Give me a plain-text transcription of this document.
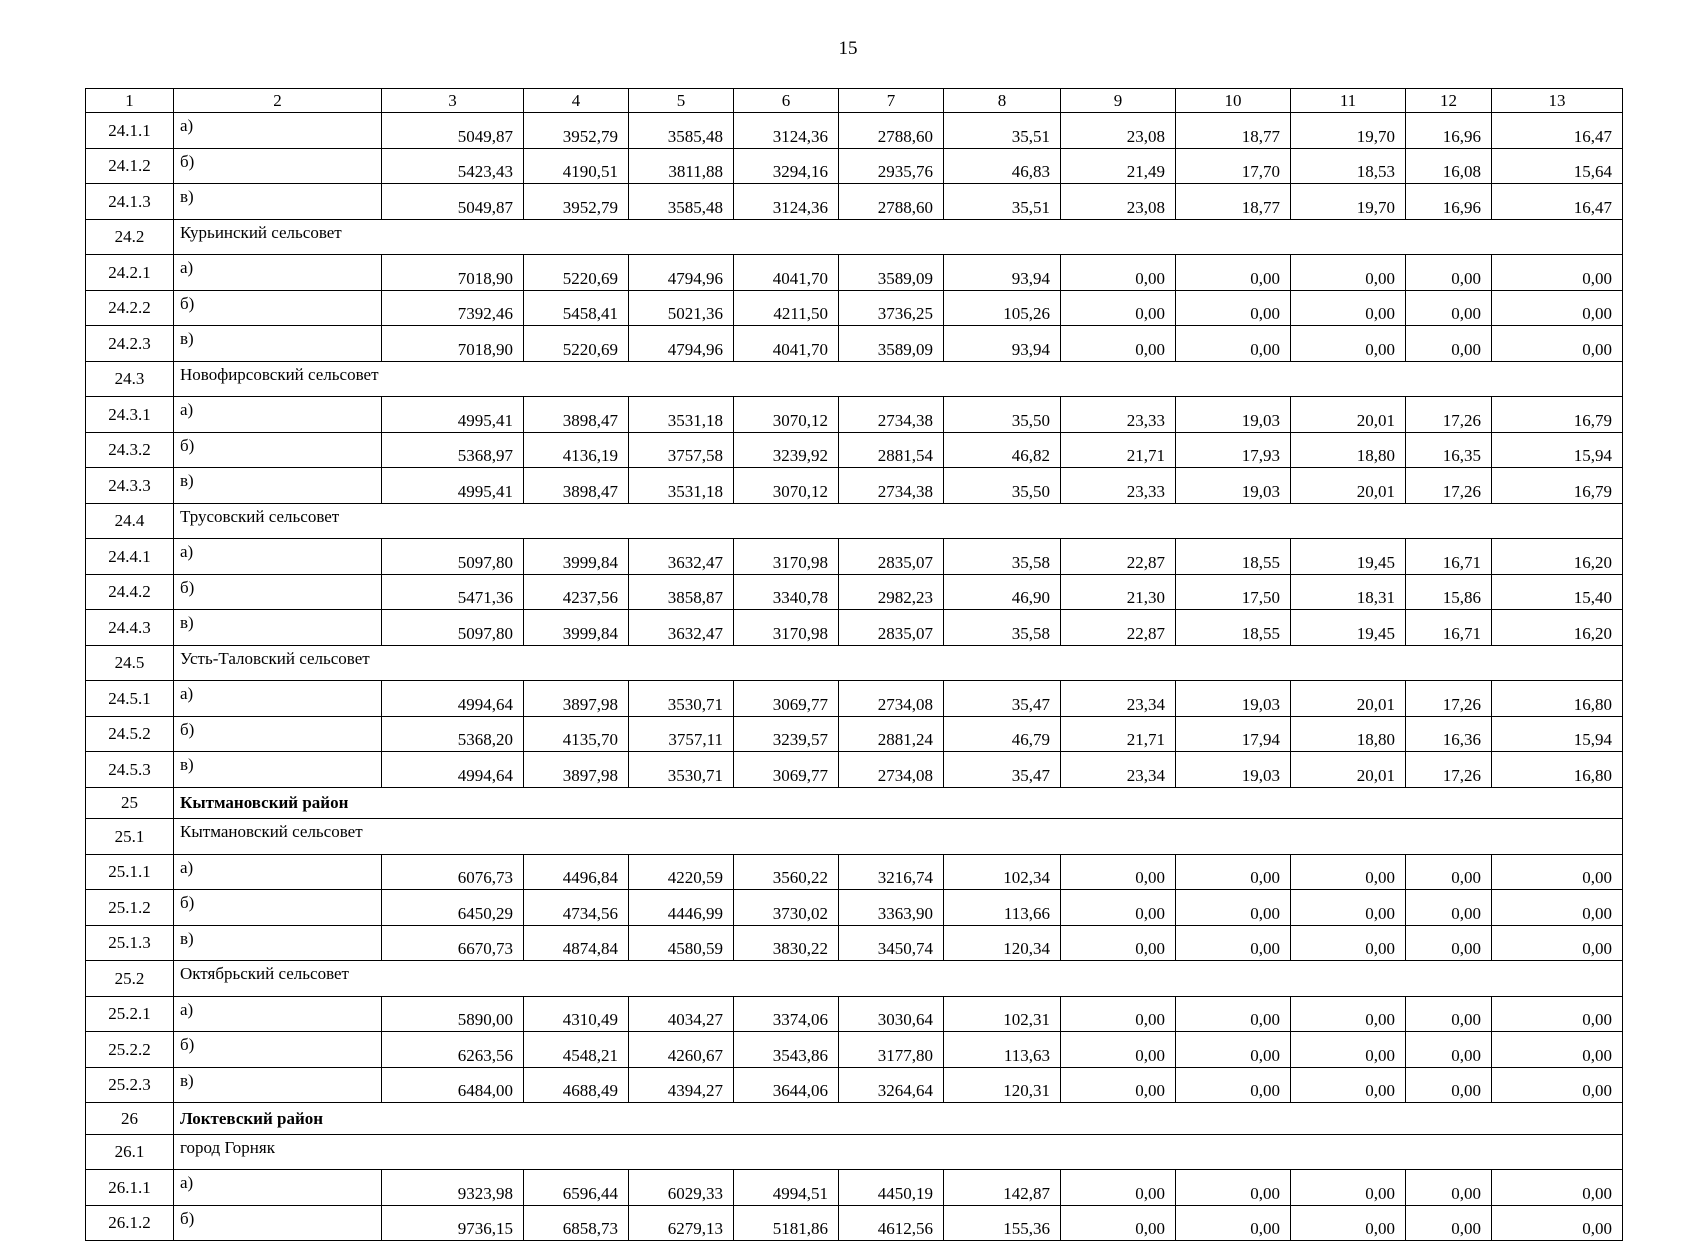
15
1	2	3	4	5	6	7	8	9	10	11	12	13
24.1.1	а)	5049,87	3952,79	3585,48	3124,36	2788,60	35,51	23,08	18,77	19,70	16,96	16,47
24.1.2	б)	5423,43	4190,51	3811,88	3294,16	2935,76	46,83	21,49	17,70	18,53	16,08	15,64
24.1.3	в)	5049,87	3952,79	3585,48	3124,36	2788,60	35,51	23,08	18,77	19,70	16,96	16,47
24.2	Курьинский сельсовет											
24.2.1	а)	7018,90	5220,69	4794,96	4041,70	3589,09	93,94	0,00	0,00	0,00	0,00	0,00
24.2.2	б)	7392,46	5458,41	5021,36	4211,50	3736,25	105,26	0,00	0,00	0,00	0,00	0,00
24.2.3	в)	7018,90	5220,69	4794,96	4041,70	3589,09	93,94	0,00	0,00	0,00	0,00	0,00
24.3	Новофирсовский сельсовет											
24.3.1	а)	4995,41	3898,47	3531,18	3070,12	2734,38	35,50	23,33	19,03	20,01	17,26	16,79
24.3.2	б)	5368,97	4136,19	3757,58	3239,92	2881,54	46,82	21,71	17,93	18,80	16,35	15,94
24.3.3	в)	4995,41	3898,47	3531,18	3070,12	2734,38	35,50	23,33	19,03	20,01	17,26	16,79
24.4	Трусовский сельсовет											
24.4.1	а)	5097,80	3999,84	3632,47	3170,98	2835,07	35,58	22,87	18,55	19,45	16,71	16,20
24.4.2	б)	5471,36	4237,56	3858,87	3340,78	2982,23	46,90	21,30	17,50	18,31	15,86	15,40
24.4.3	в)	5097,80	3999,84	3632,47	3170,98	2835,07	35,58	22,87	18,55	19,45	16,71	16,20
24.5	Усть-Таловский сельсовет											
24.5.1	а)	4994,64	3897,98	3530,71	3069,77	2734,08	35,47	23,34	19,03	20,01	17,26	16,80
24.5.2	б)	5368,20	4135,70	3757,11	3239,57	2881,24	46,79	21,71	17,94	18,80	16,36	15,94
24.5.3	в)	4994,64	3897,98	3530,71	3069,77	2734,08	35,47	23,34	19,03	20,01	17,26	16,80
25	Кытмановский район											
25.1	Кытмановский сельсовет											
25.1.1	а)	6076,73	4496,84	4220,59	3560,22	3216,74	102,34	0,00	0,00	0,00	0,00	0,00
25.1.2	б)	6450,29	4734,56	4446,99	3730,02	3363,90	113,66	0,00	0,00	0,00	0,00	0,00
25.1.3	в)	6670,73	4874,84	4580,59	3830,22	3450,74	120,34	0,00	0,00	0,00	0,00	0,00
25.2	Октябрьский сельсовет											
25.2.1	а)	5890,00	4310,49	4034,27	3374,06	3030,64	102,31	0,00	0,00	0,00	0,00	0,00
25.2.2	б)	6263,56	4548,21	4260,67	3543,86	3177,80	113,63	0,00	0,00	0,00	0,00	0,00
25.2.3	в)	6484,00	4688,49	4394,27	3644,06	3264,64	120,31	0,00	0,00	0,00	0,00	0,00
26	Локтевский район											
26.1	город Горняк											
26.1.1	а)	9323,98	6596,44	6029,33	4994,51	4450,19	142,87	0,00	0,00	0,00	0,00	0,00
26.1.2	б)	9736,15	6858,73	6279,13	5181,86	4612,56	155,36	0,00	0,00	0,00	0,00	0,00
